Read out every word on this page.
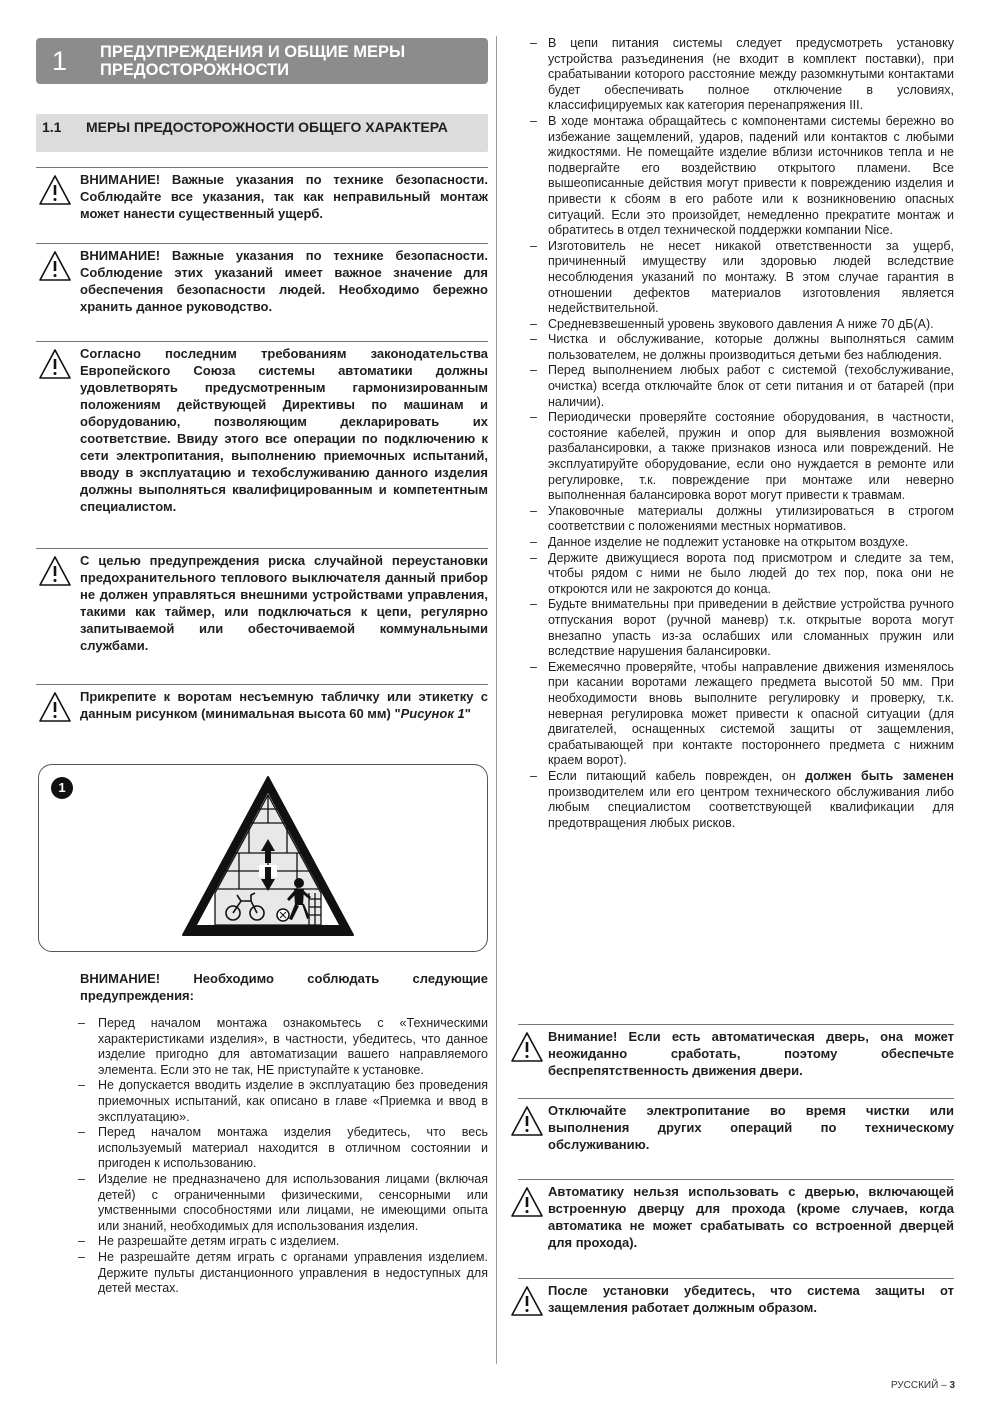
1 ПРЕДУПРЕЖДЕНИЯ И ОБЩИЕ МЕРЫ ПРЕДОСТОРОЖНОСТИ
1.1 МЕРЫ ПРЕДОСТОРОЖНОСТИ ОБЩЕГО ХАРАКТЕРА
ВНИМАНИЕ! Важные указания по технике безопасности. Соблюдайте все указания, так как неправильный монтаж может нанести существенный ущерб.
ВНИМАНИЕ! Важные указания по технике безопасности. Соблюдение этих указаний имеет важное значение для обеспечения безопасности людей. Необходимо бережно хранить данное руководство.
Согласно последним требованиям законодательства Европейского Союза системы автоматики должны удовлетворять предусмотренным гармонизированным положениям действующей Директивы по машинам и оборудованию, позволяющим декларировать их соответствие. Ввиду этого все операции по подключению к сети электропитания, выполнению приемочных испытаний, вводу в эксплуатацию и техобслуживанию данного изделия должны выполняться квалифицированным и компетентным специалистом.
С целью предупреждения риска случайной переустановки предохранительного теплового выключателя данный прибор не должен управляться внешними устройствами управления, такими как таймер, или подключаться к цепи, регулярно запитываемой или обесточиваемой коммунальными службами.
Прикрепите к воротам несъемную табличку или этикетку с данным рисунком (минимальная высота 60 мм) "Рисунок 1"
1
ВНИМАНИЕ! Необходимо соблюдать следующие предупреждения:
– Перед началом монтажа ознакомьтесь с «Техническими характеристиками изделия», в частности, убедитесь, что данное изделие пригодно для автоматизации вашего направляемого элемента. Если это не так, НЕ приступайте к установке.
– Не допускается вводить изделие в эксплуатацию без проведения приемочных испытаний, как описано в главе «Приемка и ввод в эксплуатацию».
– Перед началом монтажа изделия убедитесь, что весь используемый материал находится в отличном состоянии и пригоден к использованию.
– Изделие не предназначено для использования лицами (включая детей) с ограниченными физическими, сенсорными или умственными способностями или лицами, не имеющими опыта или знаний, необходимых для использования изделия.
– Не разрешайте детям играть с изделием.
– Не разрешайте детям играть с органами управления изделием. Держите пульты дистанционного управления в недоступных для детей местах.
– В цепи питания системы следует предусмотреть установку устройства разъединения (не входит в комплект поставки), при срабатывании которого расстояние между разомкнутыми контактами будет обеспечивать полное отключение в условиях, классифицируемых как категория перенапряжения III.
– В ходе монтажа обращайтесь с компонентами системы бережно во избежание защемлений, ударов, падений или контактов с любыми жидкостями. Не помещайте изделие вблизи источников тепла и не подвергайте его воздействию открытого пламени. Все вышеописанные действия могут привести к повреждению изделия и привести к сбоям в его работе или к возникновению опасных ситуаций. Если это произойдет, немедленно прекратите монтаж и обратитесь в отдел технической поддержки компании Nice.
– Изготовитель не несет никакой ответственности за ущерб, причиненный имуществу или здоровью людей вследствие несоблюдения указаний по монтажу. В этом случае гарантия в отношении дефектов материалов изготовления является недействительной.
– Средневзвешенный уровень звукового давления А ниже 70 дБ(А).
– Чистка и обслуживание, которые должны выполняться самим пользователем, не должны производиться детьми без наблюдения.
– Перед выполнением любых работ с системой (техобслуживание, очистка) всегда отключайте блок от сети питания и от батарей (при наличии).
– Периодически проверяйте состояние оборудования, в частности, состояние кабелей, пружин и опор для выявления возможной разбалансировки, а также признаков износа или повреждений. Не эксплуатируйте оборудование, если оно нуждается в ремонте или регулировке, т.к. повреждение при монтаже или неверно выполненная балансировка ворот могут привести к травмам.
– Упаковочные материалы должны утилизироваться в строгом соответствии с положениями местных нормативов.
– Данное изделие не подлежит установке на открытом воздухе.
– Держите движущиеся ворота под присмотром и следите за тем, чтобы рядом с ними не было людей до тех пор, пока они не откроются или не закроются до конца.
– Будьте внимательны при приведении в действие устройства ручного отпускания ворот (ручной маневр) т.к. открытые ворота могут внезапно упасть из-за ослабших или сломанных пружин или вследствие нарушения балансировки.
– Ежемесячно проверяйте, чтобы направление движения изменялось при касании воротами лежащего предмета высотой 50 мм. При необходимости вновь выполните регулировку и проверку, т.к. неверная регулировка может привести к опасной ситуации (для двигателей, оснащенных системой защиты от защемления, срабатывающей при контакте постороннего предмета с нижним краем ворот).
– Если питающий кабель поврежден, он должен быть заменен производителем или его центром технического обслуживания либо любым специалистом соответствующей квалификации для предотвращения любых рисков.
Внимание! Если есть автоматическая дверь, она может неожиданно сработать, поэтому обеспечьте беспрепятственность движения двери.
Отключайте электропитание во время чистки или выполнения других операций по техническому обслуживанию.
Автоматику нельзя использовать с дверью, включающей встроенную дверцу для прохода (кроме случаев, когда автоматика не может срабатывать со встроенной дверцей для прохода).
После установки убедитесь, что система защиты от защемления работает должным образом.
РУССКИЙ – 3
